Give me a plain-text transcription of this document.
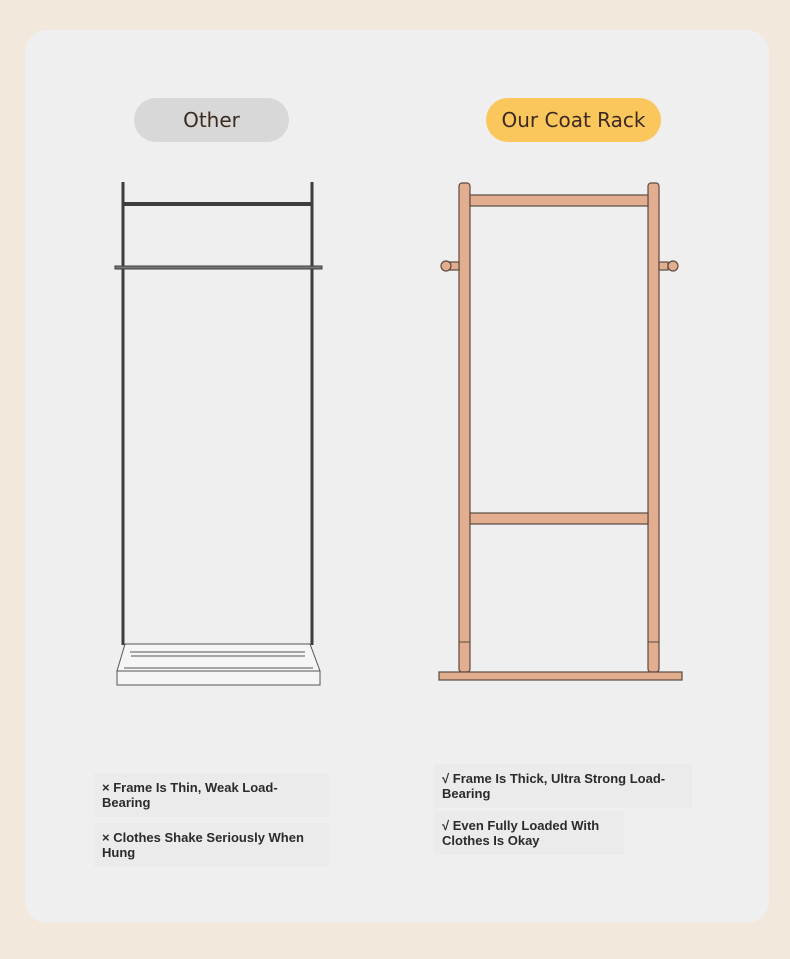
Other	Our Coat Rack
× Frame Is Thin, Weak Load-Bearing
× Clothes Shake Seriously When Hung
√ Frame Is Thick, Ultra Strong Load-Bearing
√ Even Fully Loaded With Clothes Is Okay
